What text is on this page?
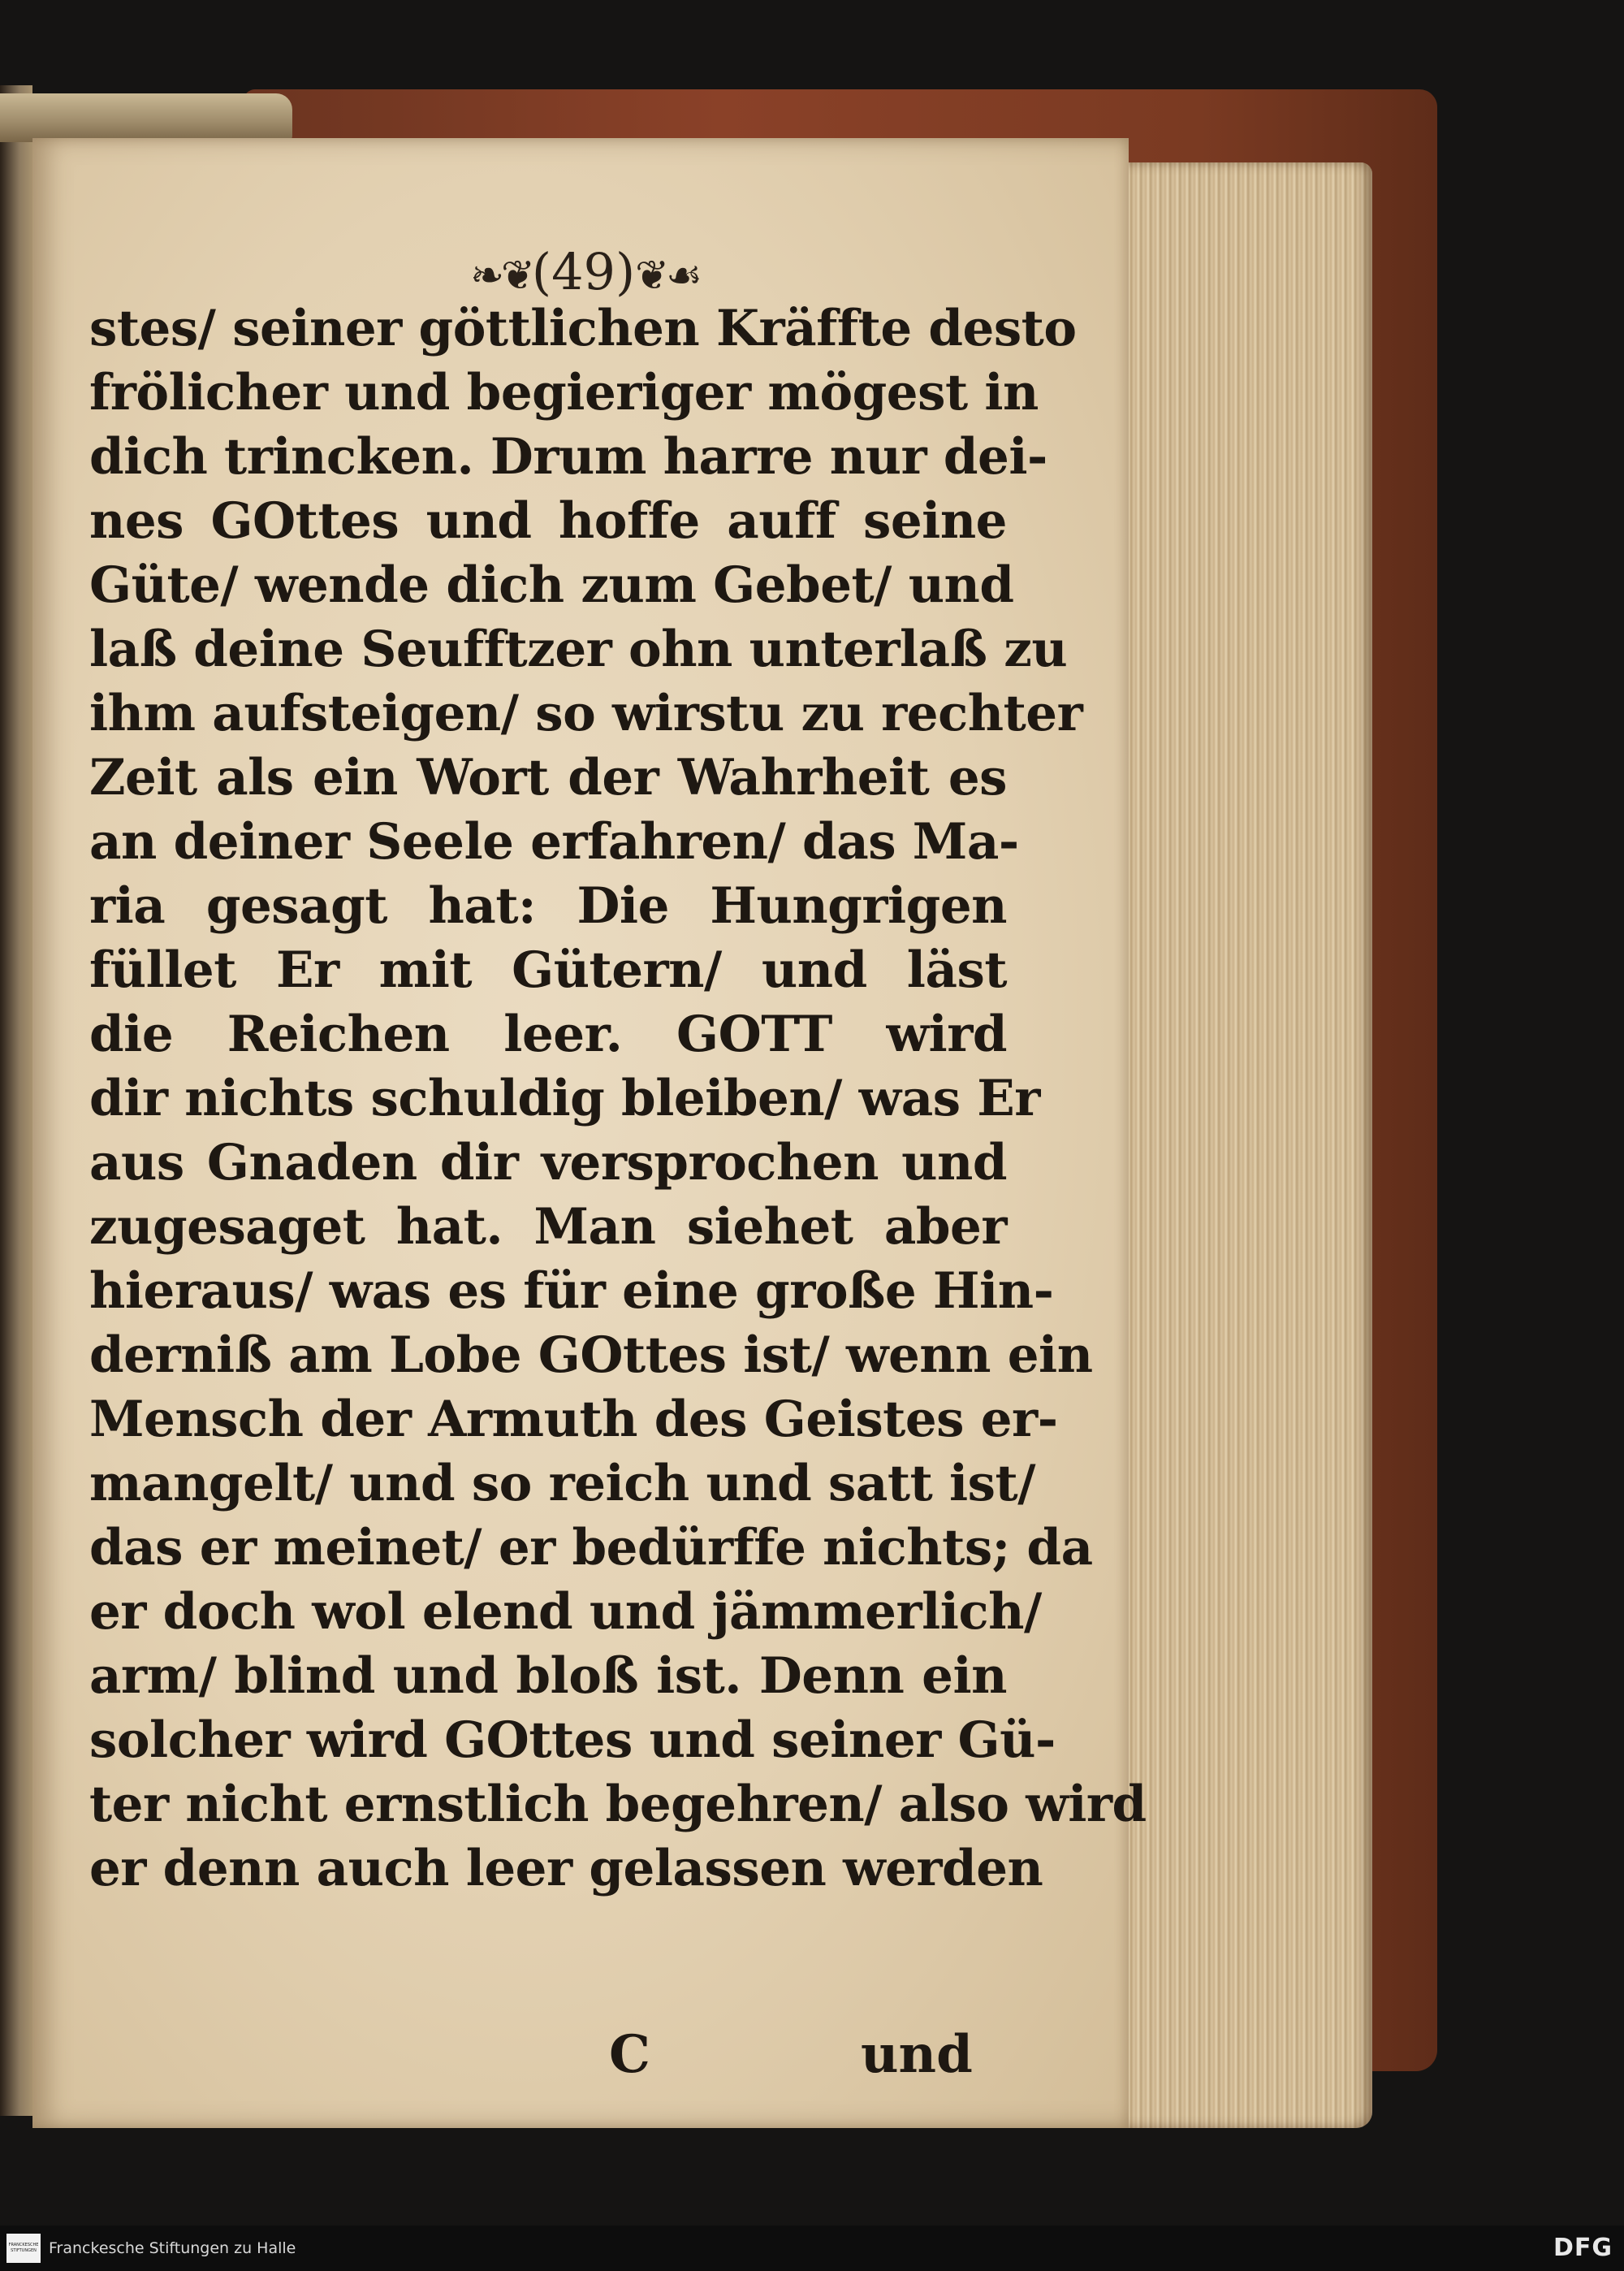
❧❦(49)❦☙
stes/ seiner göttlichen Kräffte desto
frölicher und begieriger mögest in
dich trincken. Drum harre nur dei-
nes GOttes und hoffe auff seine
Güte/ wende dich zum Gebet/ und
laß deine Seufftzer ohn unterlaß zu
ihm aufsteigen/ so wirstu zu rechter
Zeit als ein Wort der Wahrheit es
an deiner Seele erfahren/ das Ma-
ria gesagt hat: Die Hungrigen
füllet Er mit Gütern/ und läst
die Reichen leer. GOTT wird
dir nichts schuldig bleiben/ was Er
aus Gnaden dir versprochen und
zugesaget hat. Man siehet aber
hieraus/ was es für eine große Hin-
derniß am Lobe GOttes ist/ wenn ein
Mensch der Armuth des Geistes er-
mangelt/ und so reich und satt ist/
das er meinet/ er bedürffe nichts; da
er doch wol elend und jämmerlich/
arm/ blind und bloß ist. Denn ein
solcher wird GOttes und seiner Gü-
ter nicht ernstlich begehren/ also wird
er denn auch leer gelassen werden
C	und
FRANCKESCHE STIFTUNGEN Franckesche Stiftungen zu Halle	DFG
